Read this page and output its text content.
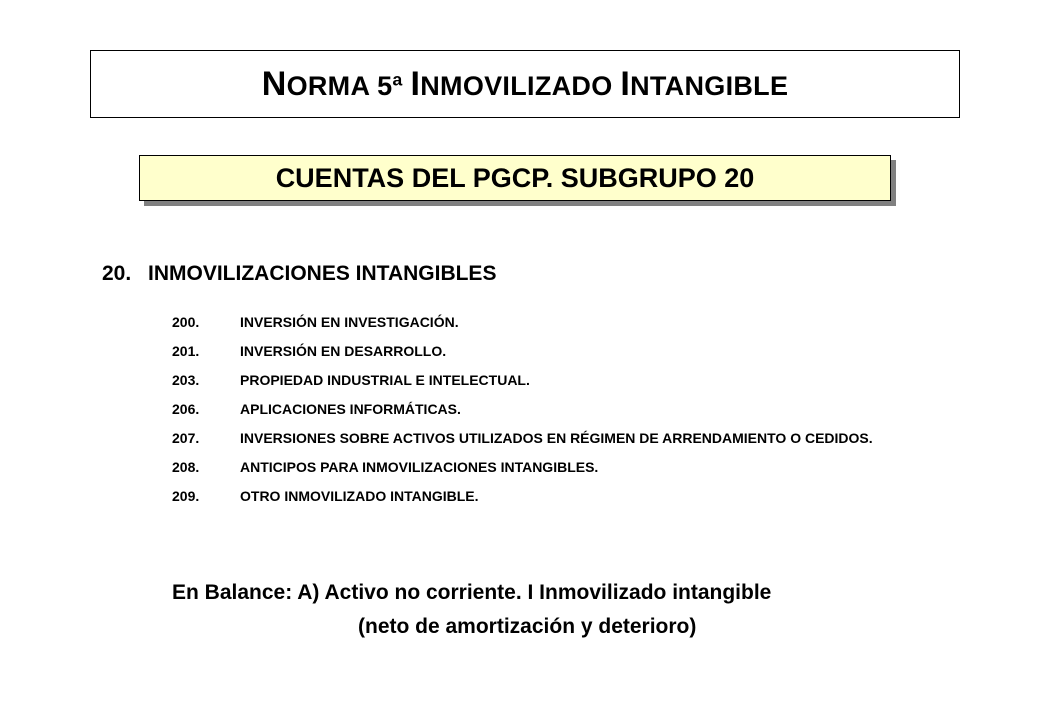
NORMA 5ª INMOVILIZADO INTANGIBLE
CUENTAS DEL PGCP. SUBGRUPO 20
20. INMOVILIZACIONES INTANGIBLES
200.	INVERSIÓN EN INVESTIGACIÓN.
201.	INVERSIÓN EN DESARROLLO.
203.	PROPIEDAD INDUSTRIAL E INTELECTUAL.
206.	APLICACIONES INFORMÁTICAS.
207.	INVERSIONES SOBRE ACTIVOS UTILIZADOS EN RÉGIMEN DE ARRENDAMIENTO O CEDIDOS.
208.	ANTICIPOS PARA INMOVILIZACIONES INTANGIBLES.
209.	OTRO INMOVILIZADO INTANGIBLE.
En Balance: A) Activo no corriente. I Inmovilizado intangible
(neto de amortización y deterioro)
